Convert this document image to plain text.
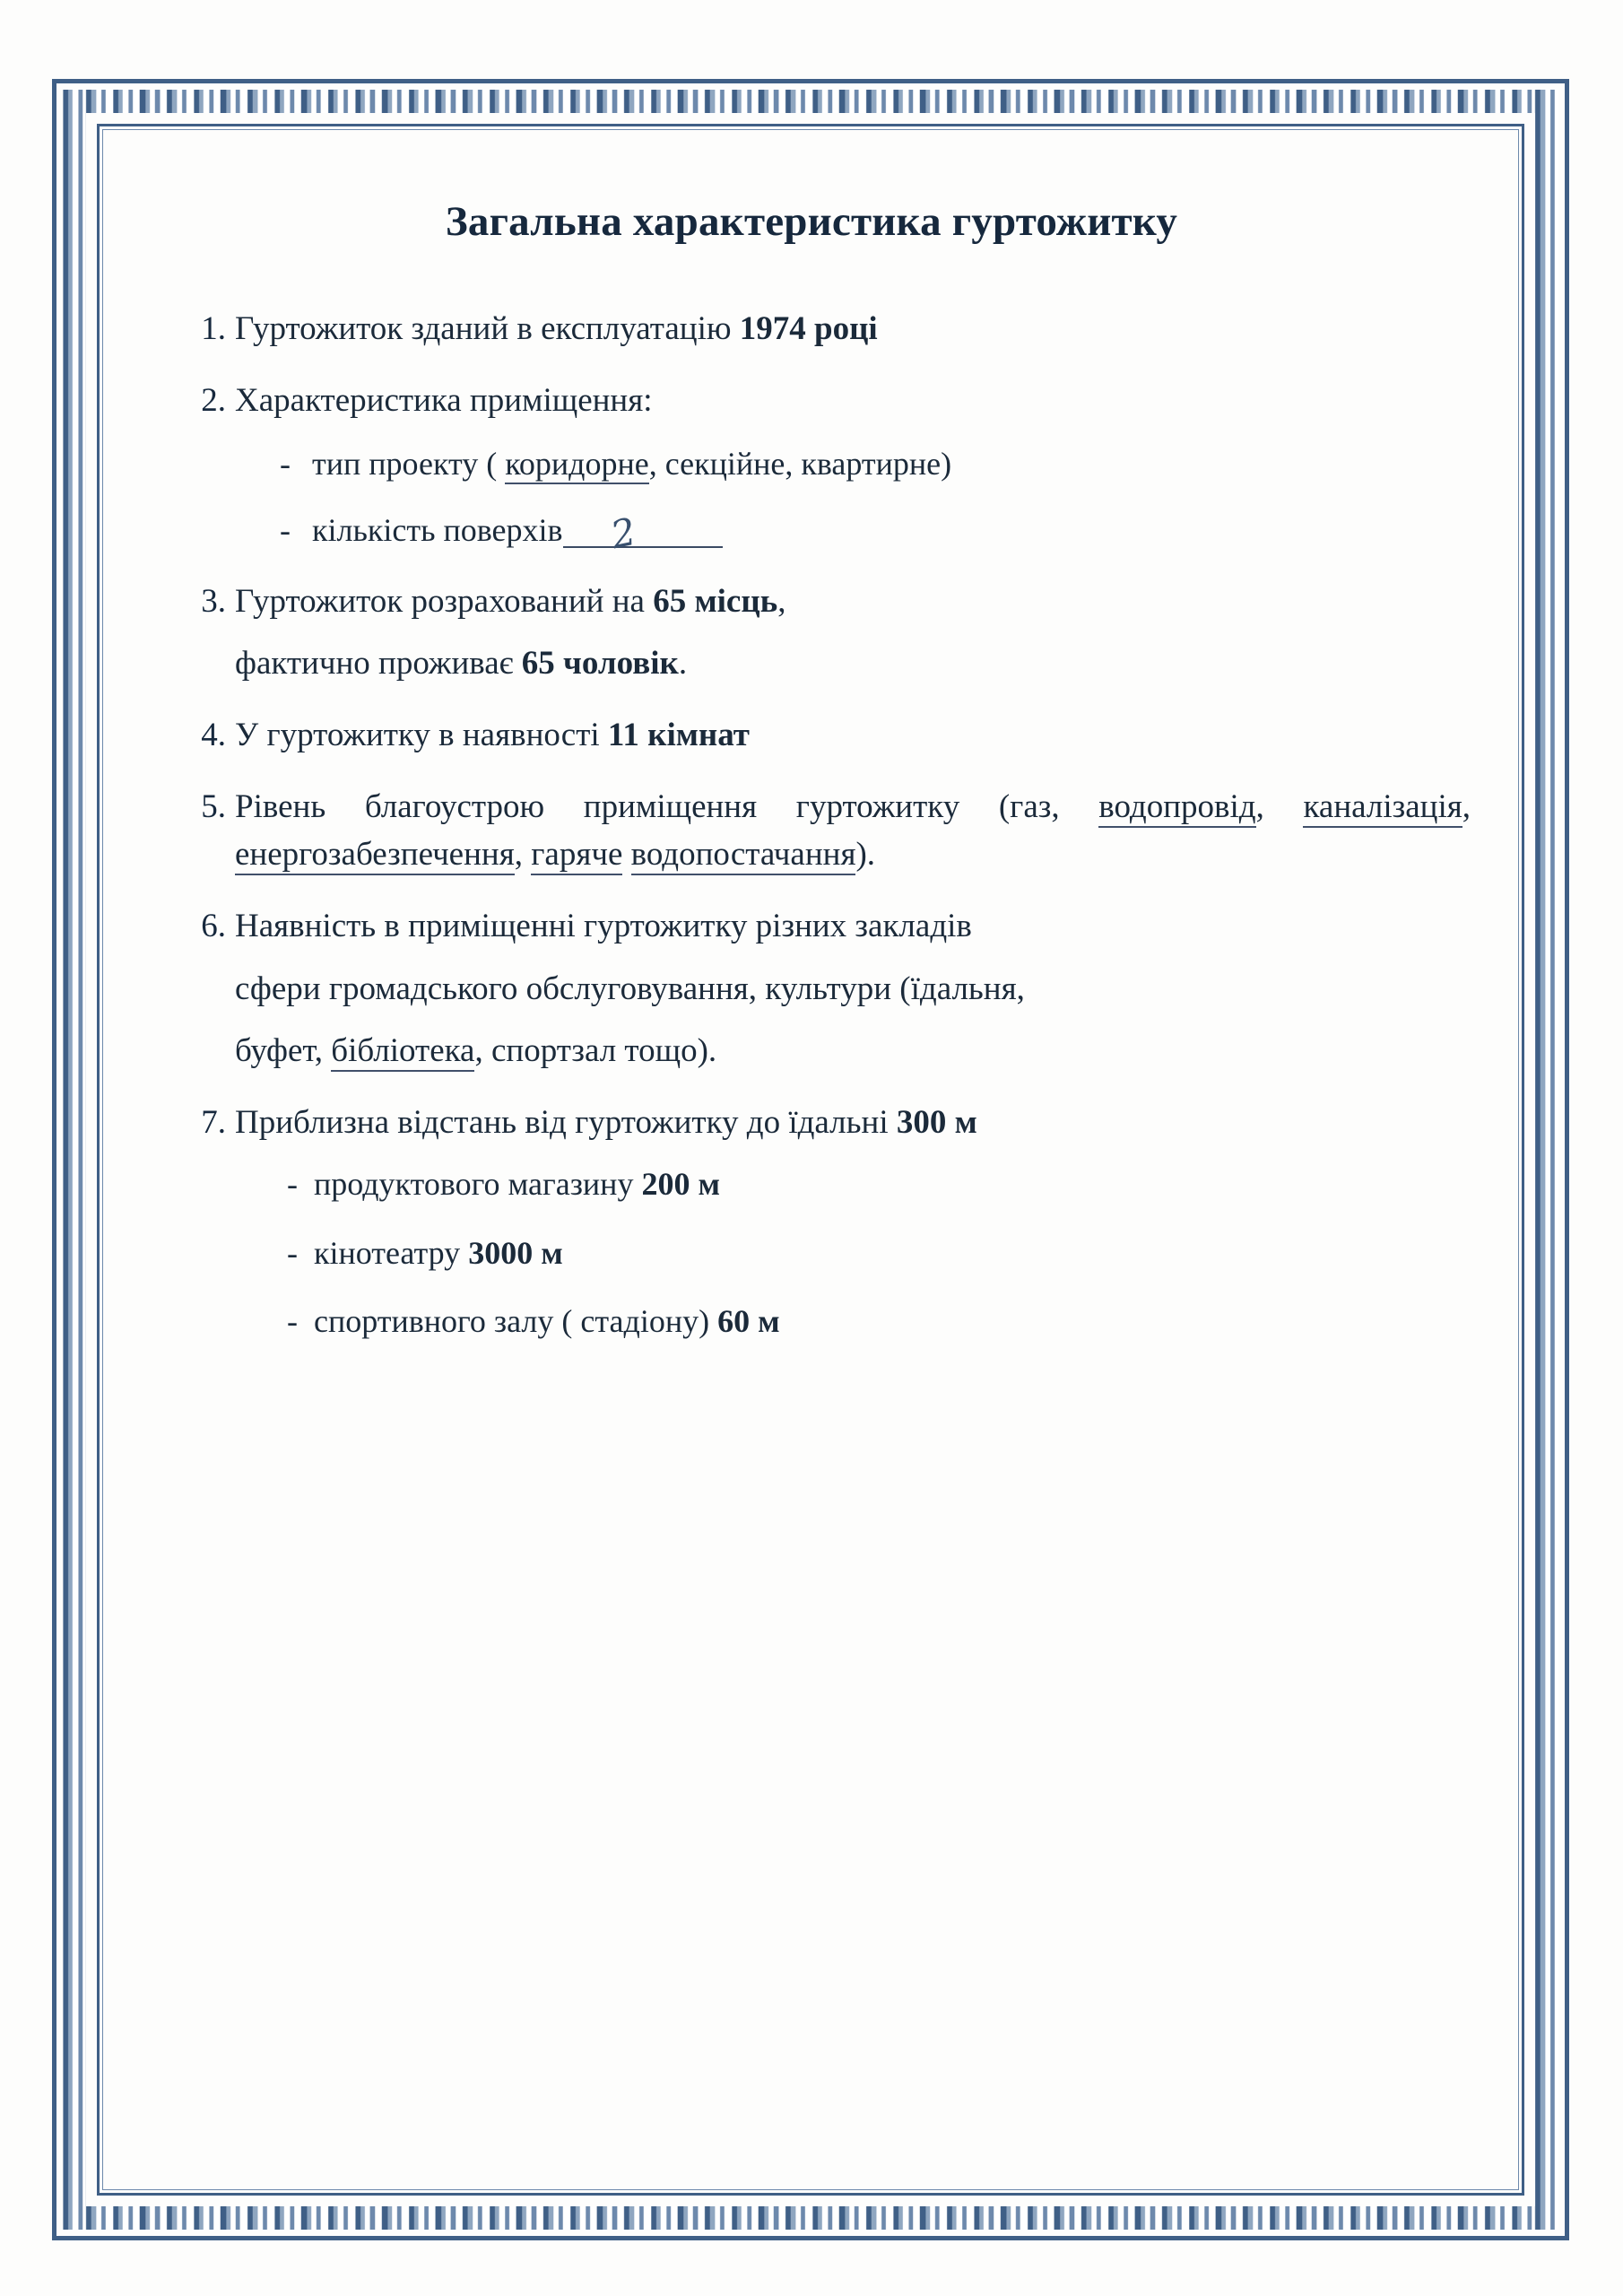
Загальна характеристика гуртожитку
1. Гуртожиток зданий в експлуатацію 1974 році
2. Характеристика приміщення:
- тип проекту ( коридорне, секційне, квартирне)
- кількість поверхів 2
3. Гуртожиток розрахований на 65 місць,
фактично проживає 65 чоловік.
4. У гуртожитку в наявності 11 кімнат
5. Рівень благоустрою приміщення гуртожитку (газ, водопровід, каналізація, енергозабезпечення, гаряче водопостачання).
6. Наявність в приміщенні гуртожитку різних закладів
сфери громадського обслуговування, культури (їдальня,
буфет, бібліотека, спортзал тощо).
7. Приблизна відстань від гуртожитку до їдальні 300 м
- продуктового магазину 200 м
- кінотеатру 3000 м
- спортивного залу ( стадіону) 60 м
